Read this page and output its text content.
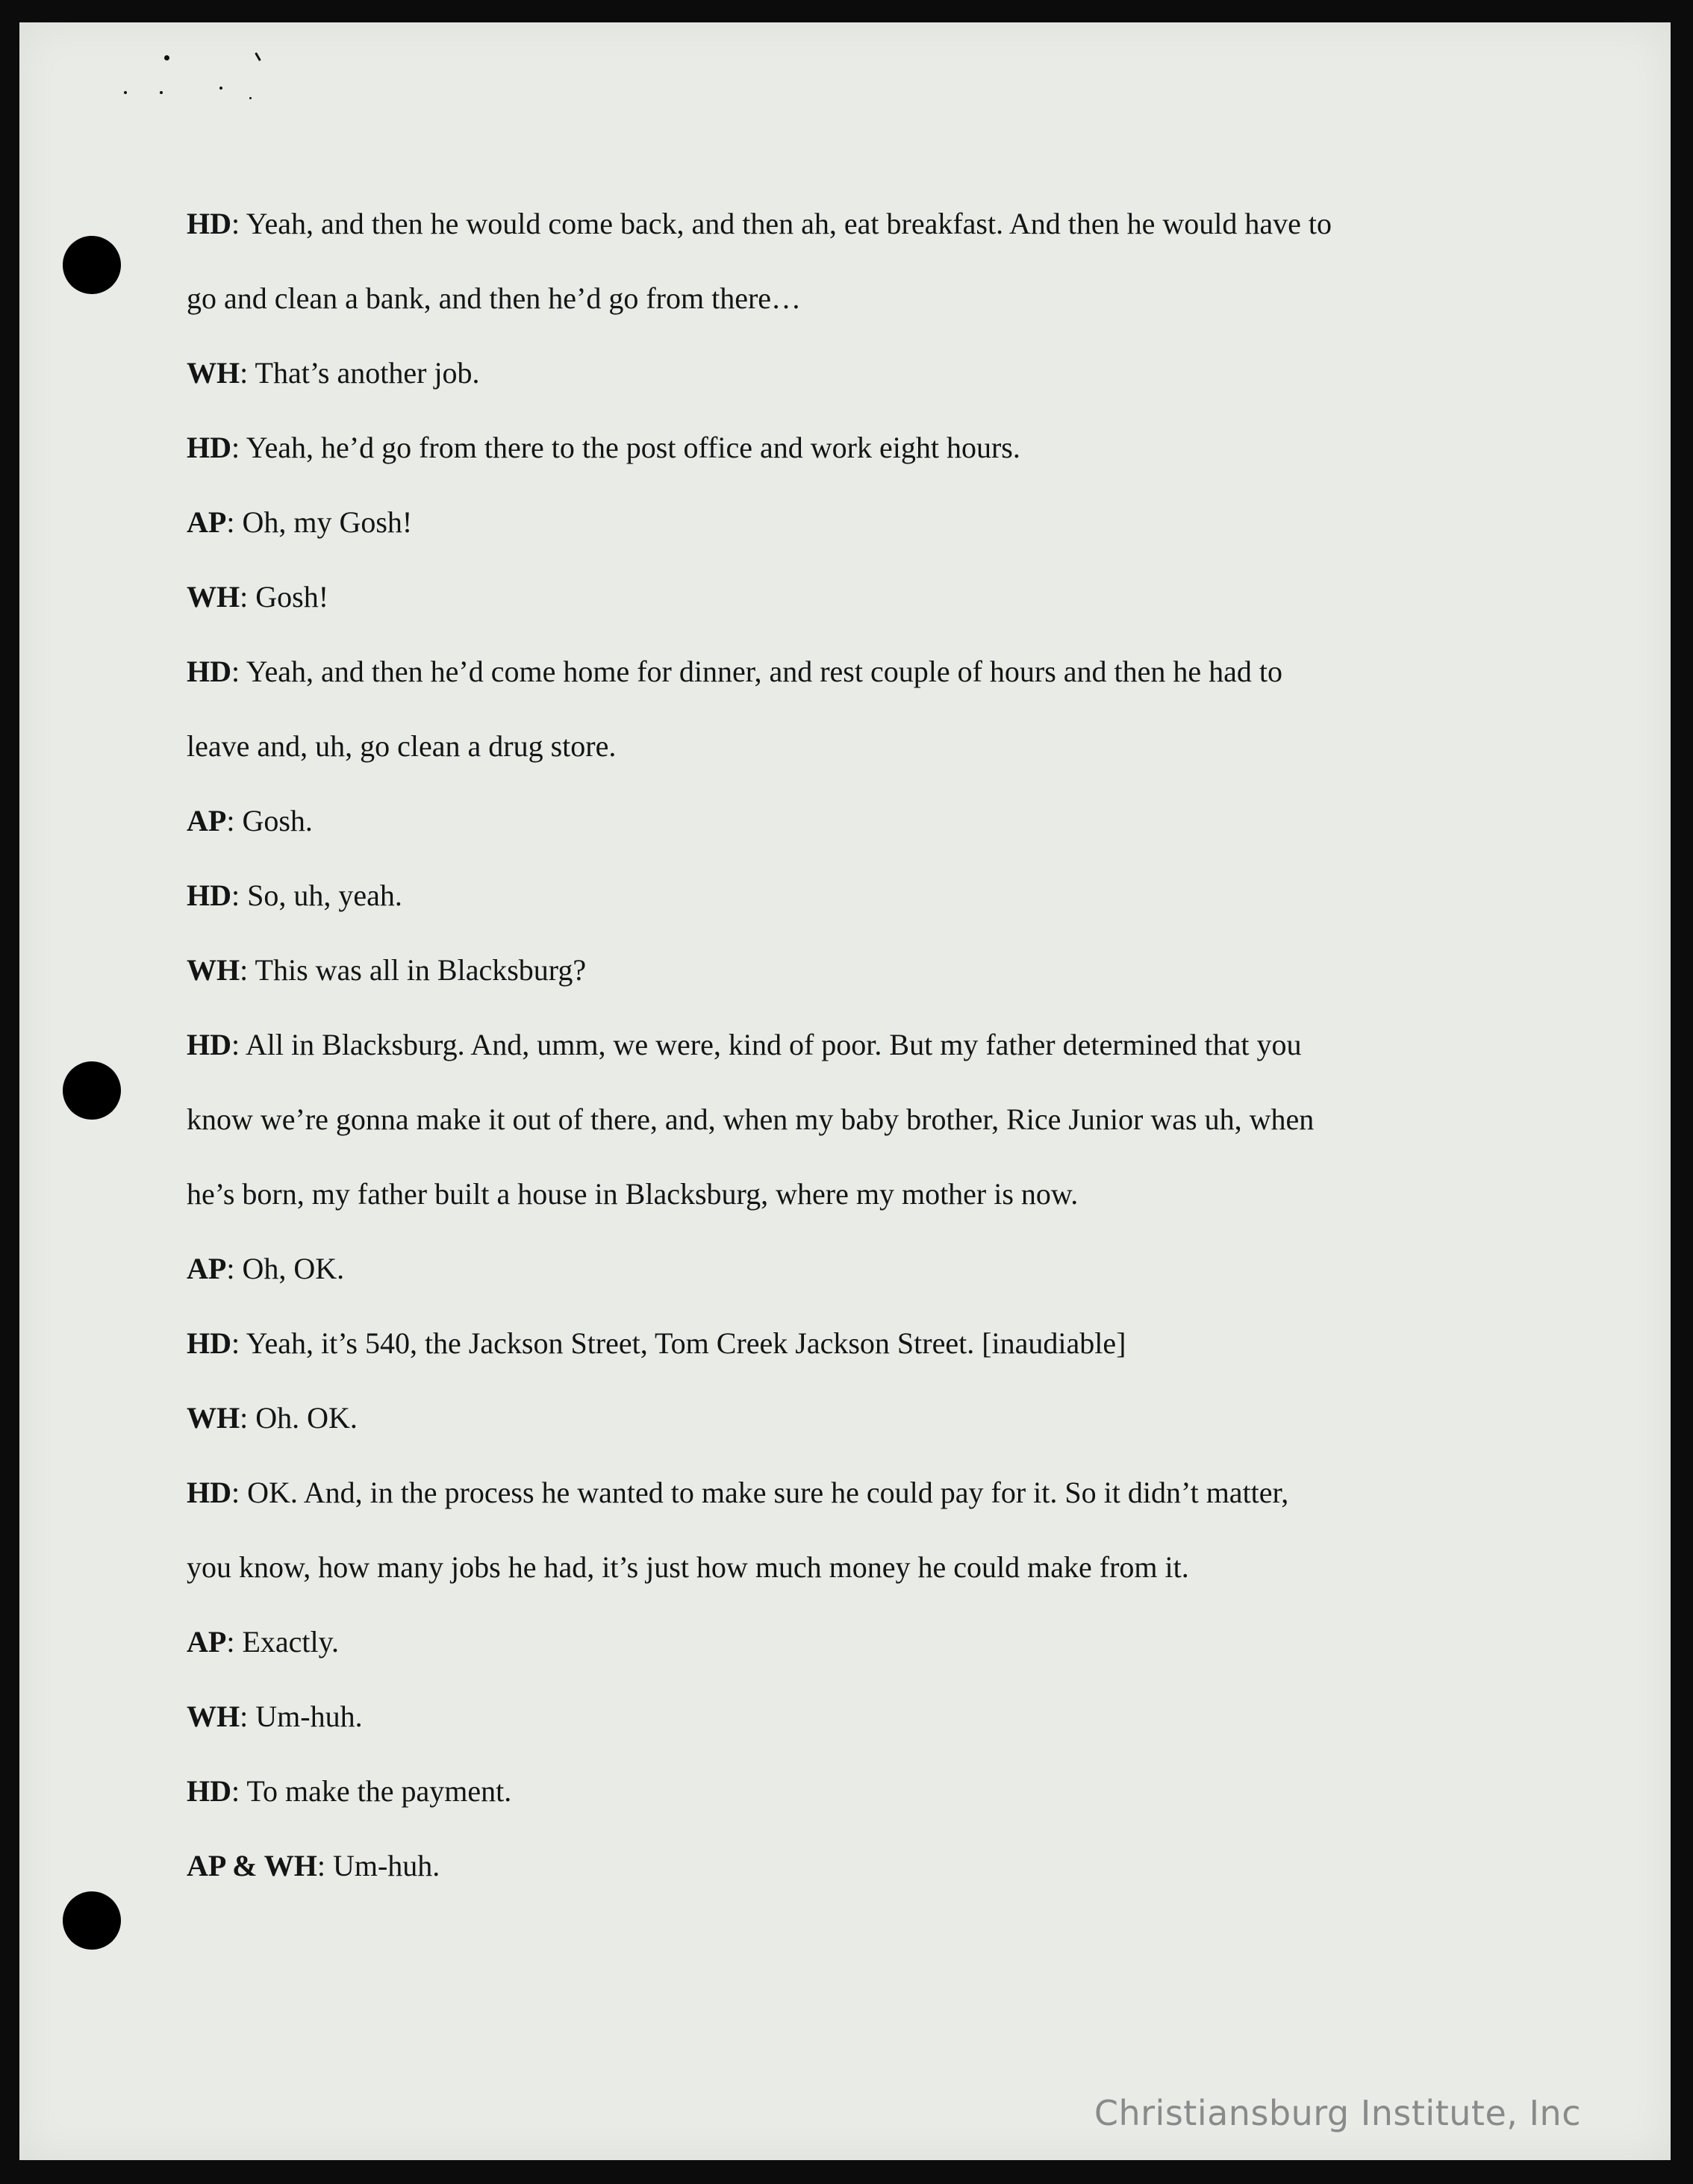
HD: Yeah, and then he would come back, and then ah, eat breakfast. And then he would have to
go and clean a bank, and then he’d go from there…
WH: That’s another job.
HD: Yeah, he’d go from there to the post office and work eight hours.
AP: Oh, my Gosh!
WH: Gosh!
HD: Yeah, and then he’d come home for dinner, and rest couple of hours and then he had to
leave and, uh, go clean a drug store.
AP: Gosh.
HD: So, uh, yeah.
WH: This was all in Blacksburg?
HD: All in Blacksburg. And, umm, we were, kind of poor. But my father determined that you
know we’re gonna make it out of there, and, when my baby brother, Rice Junior was uh, when
he’s born, my father built a house in Blacksburg, where my mother is now.
AP: Oh, OK.
HD: Yeah, it’s 540, the Jackson Street, Tom Creek Jackson Street. [inaudiable]
WH: Oh. OK.
HD: OK. And, in the process he wanted to make sure he could pay for it. So it didn’t matter,
you know, how many jobs he had, it’s just how much money he could make from it.
AP: Exactly.
WH: Um-huh.
HD: To make the payment.
AP & WH: Um-huh.
Christiansburg Institute, Inc
